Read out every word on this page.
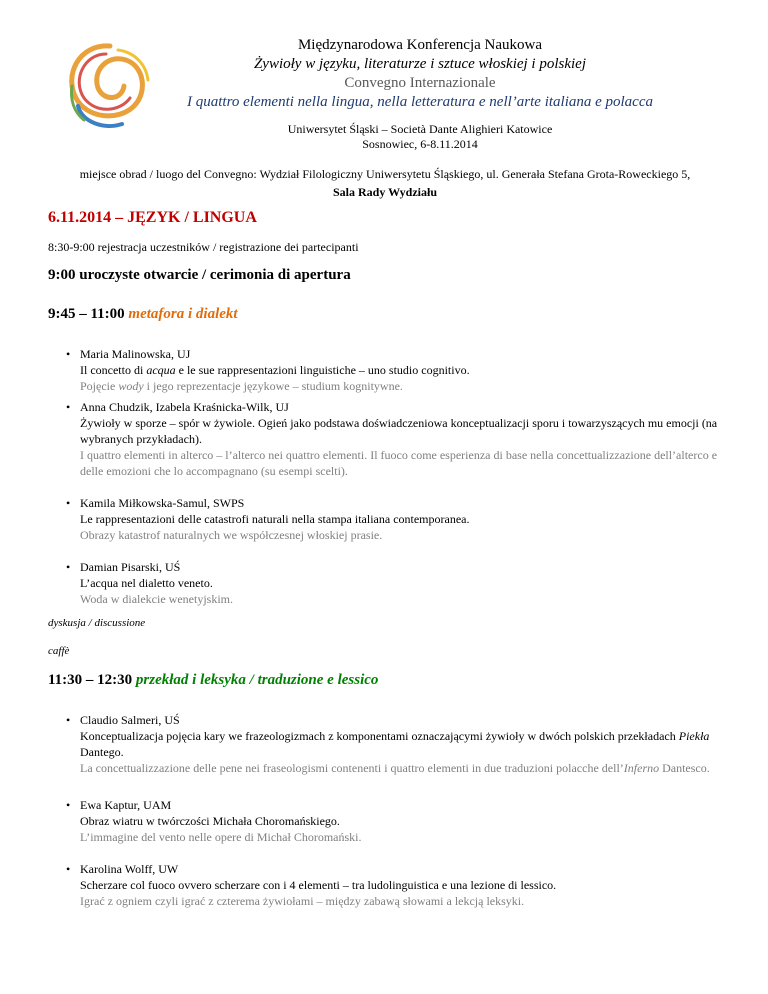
Międzynarodowa Konferencja Naukowa
Żywioły w języku, literaturze i sztuce włoskiej i polskiej
Convegno Internazionale
I quattro elementi nella lingua, nella letteratura e nell’arte italiana e polacca
Uniwersytet Śląski – Società Dante Alighieri Katowice
Sosnowiec, 6-8.11.2014
miejsce obrad / luogo del Convegno: Wydział Filologiczny Uniwersytetu Śląskiego, ul. Generała Stefana Grota-Roweckiego 5,
Sala Rady Wydziału
6.11.2014 – JĘZYK / LINGUA
8:30-9:00 rejestracja uczestników / registrazione dei partecipanti
9:00 uroczyste otwarcie / cerimonia di apertura
9:45 – 11:00 metafora i dialekt
• Maria Malinowska, UJ
Il concetto di acqua e le sue rappresentazioni linguistiche – uno studio cognitivo.
Pojęcie wody i jego reprezentacje językowe – studium kognitywne.
• Anna Chudzik, Izabela Kraśnicka-Wilk, UJ
Żywioły w sporze – spór w żywiole. Ogień jako podstawa doświadczeniowa konceptualizacji sporu i towarzyszących mu emocji (na wybranych przykładach).
I quattro elementi in alterco – l’alterco nei quattro elementi. Il fuoco come esperienza di base nella concettualizzazione dell’alterco e delle emozioni che lo accompagnano (su esempi scelti).
• Kamila Miłkowska-Samul, SWPS
Le rappresentazioni delle catastrofi naturali nella stampa italiana contemporanea.
Obrazy katastrof naturalnych we współczesnej włoskiej prasie.
• Damian Pisarski, UŚ
L’acqua nel dialetto veneto.
Woda w dialekcie wenetyjskim.
dyskusja / discussione
caffè
11:30 – 12:30 przekład i leksyka / traduzione e lessico
• Claudio Salmeri, UŚ
Konceptualizacja pojęcia kary we frazeologizmach z komponentami oznaczającymi żywioły w dwóch polskich przekładach Piekła Dantego.
La concettualizzazione delle pene nei fraseologismi contenenti i quattro elementi in due traduzioni polacche dell’Inferno Dantesco.
• Ewa Kaptur, UAM
Obraz wiatru w twórczości Michała Choromańskiego.
L’immagine del vento nelle opere di Michał Choromański.
• Karolina Wolff, UW
Scherzare col fuoco ovvero scherzare con i 4 elementi – tra ludolinguistica e una lezione di lessico.
Igrać z ogniem czyli igrać z czterema żywiołami – między zabawą słowami a lekcją leksyki.
